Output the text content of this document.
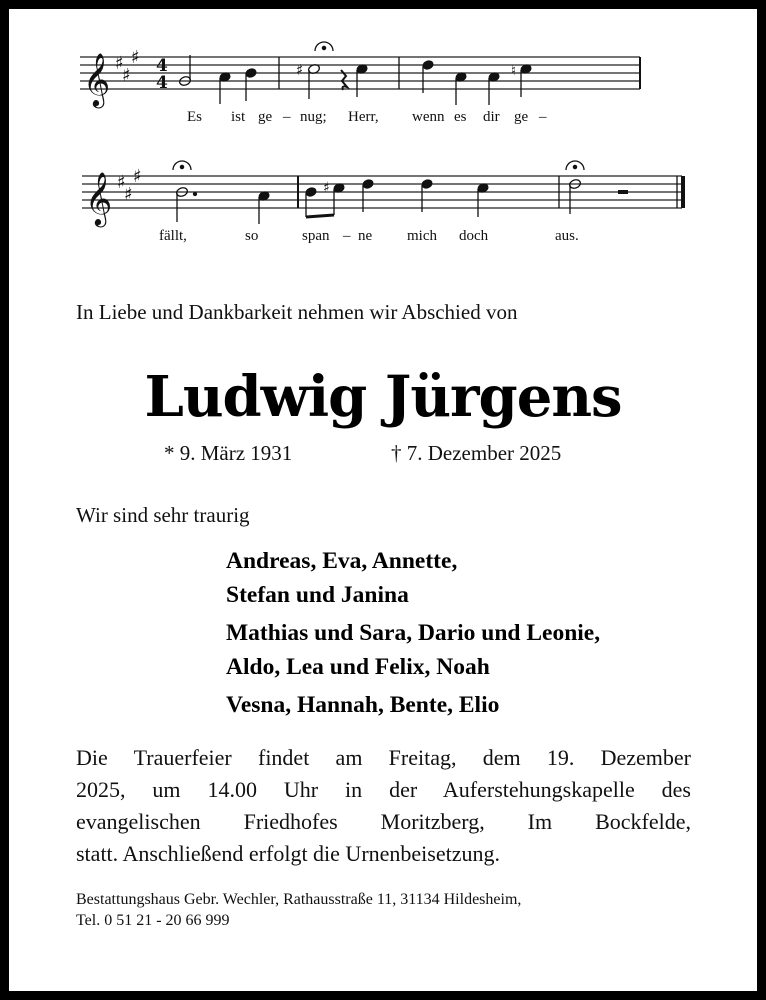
𝄞 ♯
♯
♯ 4
4
♯	♮
𝄞 ♯
♯
♯
♯
Es ist ge – nug; Herr, wenn es dir ge –
fällt,	so	span – ne mich doch	aus.
In Liebe und Dankbarkeit nehmen wir Abschied von
Ludwig Jürgens
* 9. März 1931	† 7. Dezember 2025
Wir sind sehr traurig
Andreas, Eva, Annette,
Stefan und Janina
Mathias und Sara, Dario und Leonie,
Aldo, Lea und Felix, Noah
Vesna, Hannah, Bente, Elio
Die Trauerfeier findet am Freitag, dem 19. Dezember
2025, um 14.00 Uhr in der Auferstehungskapelle des
evangelischen Friedhofes Moritzberg, Im Bockfelde,
statt. Anschließend erfolgt die Urnenbeisetzung.
Bestattungshaus Gebr. Wechler, Rathausstraße 11, 31134 Hildesheim,
Tel. 0 51 21 - 20 66 999
